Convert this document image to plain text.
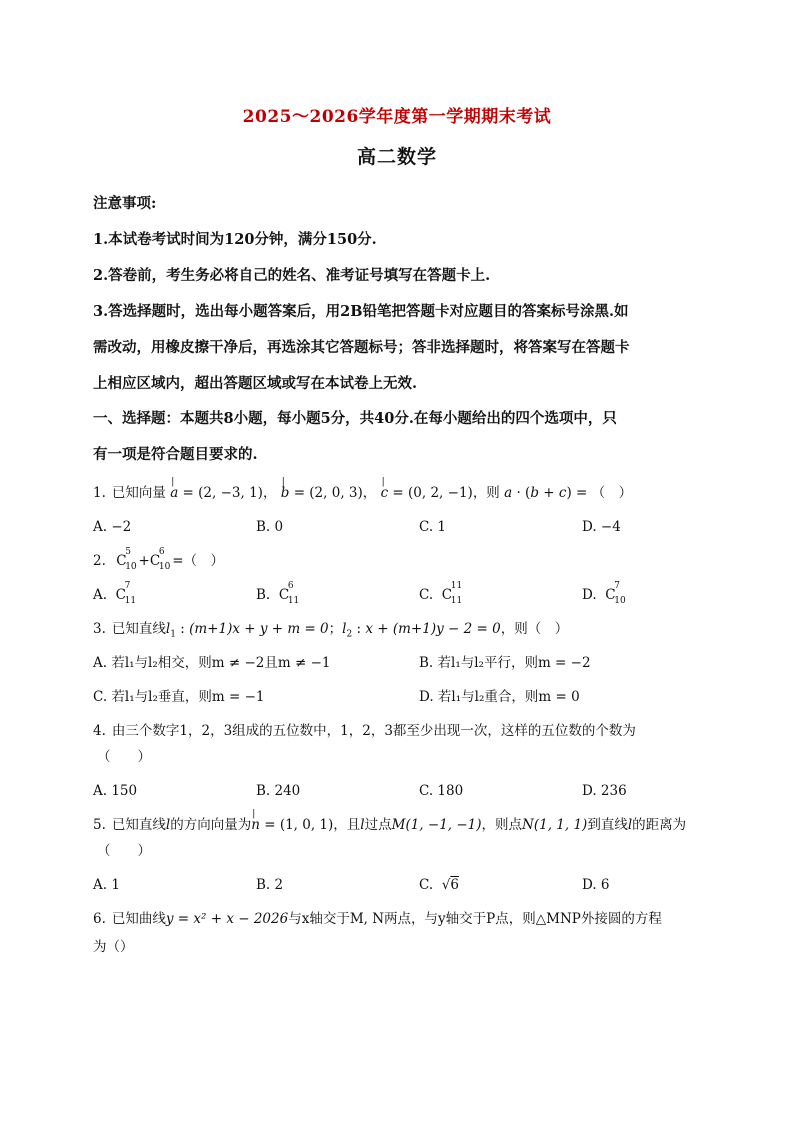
2025～2026学年度第一学期期末考试
高二数学

注意事项:

1.本试卷考试时间为120分钟，满分150分.

2.答卷前，考生务必将自己的姓名、准考证号填写在答题卡上.

3.答选择题时，选出每小题答案后，用2B铅笔把答题卡对应题目的答案标号涂黑.如

需改动，用橡皮擦干净后，再选涂其它答题标号；答非选择题时，将答案写在答题卡

上相应区域内，超出答题区域或写在本试卷上无效.

一、选择题：本题共8小题，每小题5分，共40分.在每小题给出的四个选项中，只

有一项是符合题目要求的.

1. 已知向量
|
a = (2, −3, 1)，
|
b = (2, 0, 3)，
|
c = (0, 2, −1)，则 a · (b + c) = （　）
A. −2	B. 0	C. 1	D. −4
2. C
5
10 +C
6
10 =（　）
A. C
7
11	B. C
6
11	C. C
11
11	D. C
7
10
3. 已知直线$l_1$ : (m+1)x + y + m = 0；$l_2$ : x + (m+1)y − 2 = 0，则（　）
A. 若l₁与l₂相交，则m ≠ −2且m ≠ −1	B. 若l₁与l₂平行，则m = −2
C. 若l₁与l₂垂直，则m = −1	D. 若l₁与l₂重合，则m = 0
4. 由三个数字1，2，3组成的五位数中，1，2，3都至少出现一次，这样的五位数的个数为
（　　）
A. 150	B. 240	C. 180	D. 236
5. 已知直线l的方向向量为
|
n = (1, 0, 1)，且l过点M(1, −1, −1)，则点N(1, 1, 1)到直线l的距离为
（　　）
A. 1	B. 2	C.  √6	D. 6
6. 已知曲线y = x² + x − 2026与x轴交于M, N两点，与y轴交于P点，则△MNP外接圆的方程
为（）
